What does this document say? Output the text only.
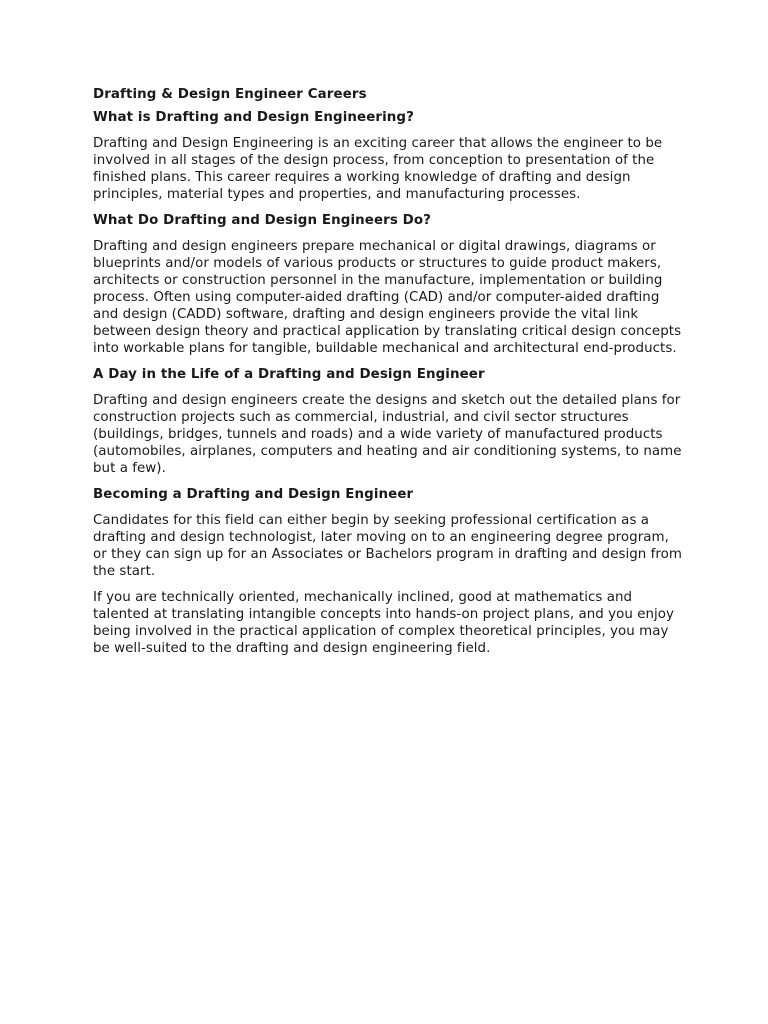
Drafting & Design Engineer Careers
What is Drafting and Design Engineering?
Drafting and Design Engineering is an exciting career that allows the engineer to be involved in all stages of the design process, from conception to presentation of the finished plans. This career requires a working knowledge of drafting and design principles, material types and properties, and manufacturing processes.
What Do Drafting and Design Engineers Do?
Drafting and design engineers prepare mechanical or digital drawings, diagrams or blueprints and/or models of various products or structures to guide product makers, architects or construction personnel in the manufacture, implementation or building process. Often using computer-aided drafting (CAD) and/or computer-aided drafting and design (CADD) software, drafting and design engineers provide the vital link between design theory and practical application by translating critical design concepts into workable plans for tangible, buildable mechanical and architectural end-products.
A Day in the Life of a Drafting and Design Engineer
Drafting and design engineers create the designs and sketch out the detailed plans for construction projects such as commercial, industrial, and civil sector structures (buildings, bridges, tunnels and roads) and a wide variety of manufactured products (automobiles, airplanes, computers and heating and air conditioning systems, to name but a few).
Becoming a Drafting and Design Engineer
Candidates for this field can either begin by seeking professional certification as a drafting and design technologist, later moving on to an engineering degree program, or they can sign up for an Associates or Bachelors program in drafting and design from the start.
If you are technically oriented, mechanically inclined, good at mathematics and talented at translating intangible concepts into hands-on project plans, and you enjoy being involved in the practical application of complex theoretical principles, you may be well-suited to the drafting and design engineering field.
